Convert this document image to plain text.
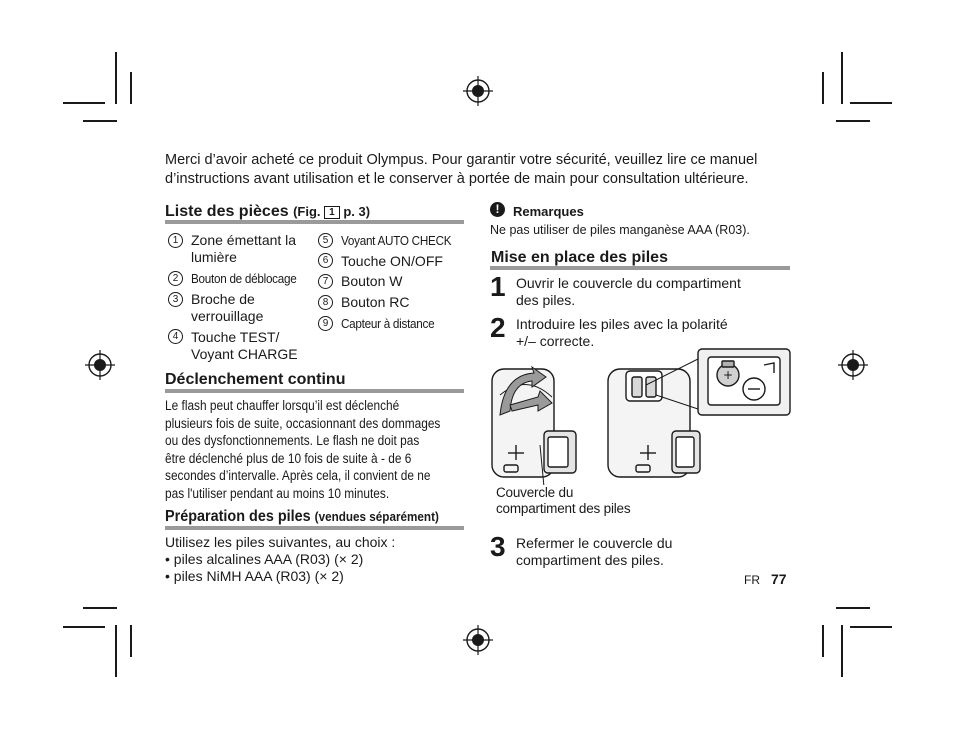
Merci d’avoir acheté ce produit Olympus. Pour garantir votre sécurité, veuillez lire ce manuel
d’instructions avant utilisation et le conserver à portée de main pour consultation ultérieure.
Liste des pièces (Fig. 1 p. 3)
1 Zone émettant la
lumière
2 Bouton de déblocage
3 Broche de
verrouillage
4 Touche TEST/
Voyant CHARGE
5 Voyant AUTO CHECK
6 Touche ON/OFF
7 Bouton W
8 Bouton RC
9 Capteur à distance
Déclenchement continu
Le flash peut chauffer lorsqu’il est déclenché
plusieurs fois de suite, occasionnant des dommages
ou des dysfonctionnements. Le flash ne doit pas
être déclenché plus de 10 fois de suite à - de 6
secondes d’intervalle. Après cela, il convient de ne
pas l'utiliser pendant au moins 10 minutes.
Préparation des piles (vendues séparément)
Utilisez les piles suivantes, au choix :
• piles alcalines AAA (R03) (× 2)
• piles NiMH AAA (R03) (× 2)
!	Remarques
Ne pas utiliser de piles manganèse AAA (R03).
Mise en place des piles
1 Ouvrir le couvercle du compartiment
des piles.
2 Introduire les piles avec la polarité
+/– correcte.
+
Couvercle du
compartiment des piles
3 Refermer le couvercle du
compartiment des piles.
FR 77
